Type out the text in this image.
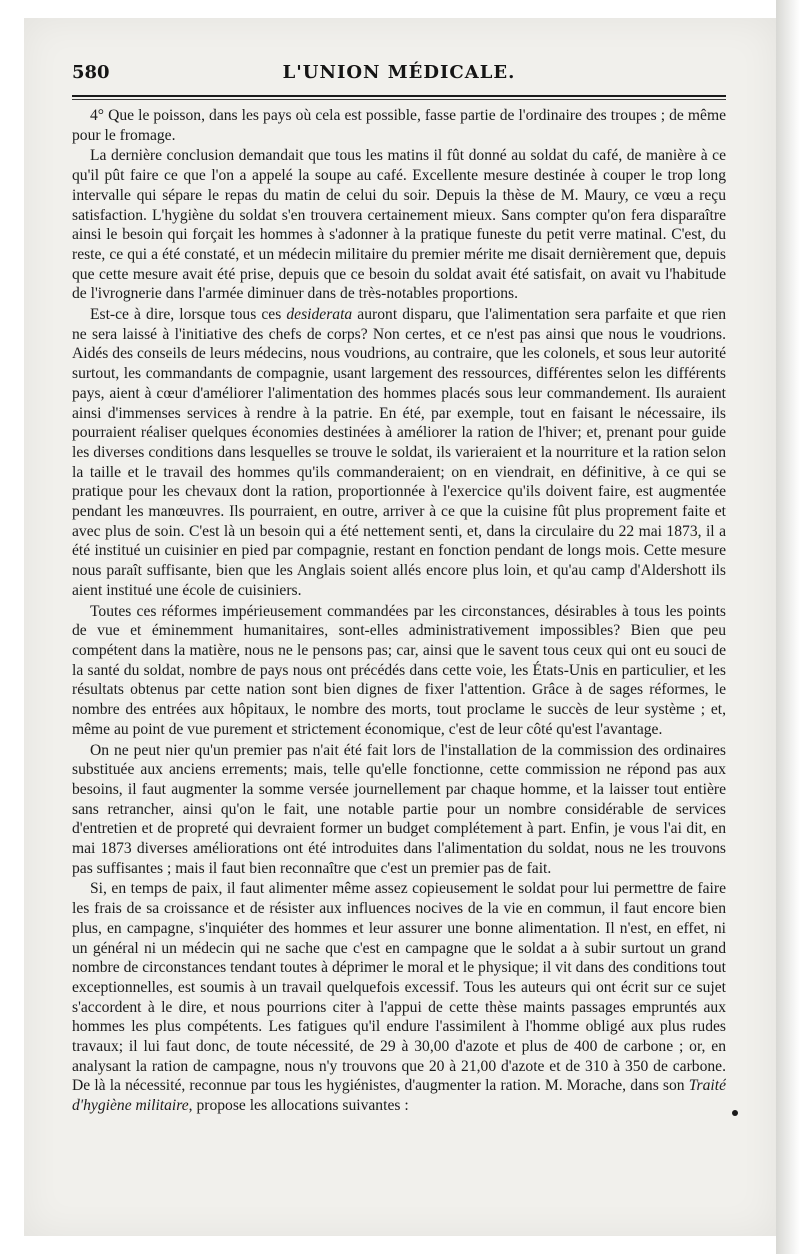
580	L'UNION MÉDICALE.

4° Que le poisson, dans les pays où cela est possible, fasse partie de l'ordinaire des troupes ; de même pour le fromage.

La dernière conclusion demandait que tous les matins il fût donné au soldat du café, de manière à ce qu'il pût faire ce que l'on a appelé la soupe au café. Excellente mesure destinée à couper le trop long intervalle qui sépare le repas du matin de celui du soir. Depuis la thèse de M. Maury, ce vœu a reçu satisfaction. L'hygiène du soldat s'en trouvera certainement mieux. Sans compter qu'on fera disparaître ainsi le besoin qui forçait les hommes à s'adonner à la pratique funeste du petit verre matinal. C'est, du reste, ce qui a été constaté, et un médecin militaire du premier mérite me disait dernièrement que, depuis que cette mesure avait été prise, depuis que ce besoin du soldat avait été satisfait, on avait vu l'habitude de l'ivrognerie dans l'armée diminuer dans de très-notables proportions.

Est-ce à dire, lorsque tous ces desiderata auront disparu, que l'alimentation sera parfaite et que rien ne sera laissé à l'initiative des chefs de corps? Non certes, et ce n'est pas ainsi que nous le voudrions. Aidés des conseils de leurs médecins, nous voudrions, au contraire, que les colonels, et sous leur autorité surtout, les commandants de compagnie, usant largement des ressources, différentes selon les différents pays, aient à cœur d'améliorer l'alimentation des hommes placés sous leur commandement. Ils auraient ainsi d'immenses services à rendre à la patrie. En été, par exemple, tout en faisant le nécessaire, ils pourraient réaliser quelques économies destinées à améliorer la ration de l'hiver; et, prenant pour guide les diverses conditions dans lesquelles se trouve le soldat, ils varieraient et la nourriture et la ration selon la taille et le travail des hommes qu'ils commanderaient; on en viendrait, en définitive, à ce qui se pratique pour les chevaux dont la ration, proportionnée à l'exercice qu'ils doivent faire, est augmentée pendant les manœuvres. Ils pourraient, en outre, arriver à ce que la cuisine fût plus proprement faite et avec plus de soin. C'est là un besoin qui a été nettement senti, et, dans la circulaire du 22 mai 1873, il a été institué un cuisinier en pied par compagnie, restant en fonction pendant de longs mois. Cette mesure nous paraît suffisante, bien que les Anglais soient allés encore plus loin, et qu'au camp d'Aldershott ils aient institué une école de cuisiniers.

Toutes ces réformes impérieusement commandées par les circonstances, désirables à tous les points de vue et éminemment humanitaires, sont-elles administrativement impossibles? Bien que peu compétent dans la matière, nous ne le pensons pas; car, ainsi que le savent tous ceux qui ont eu souci de la santé du soldat, nombre de pays nous ont précédés dans cette voie, les États-Unis en particulier, et les résultats obtenus par cette nation sont bien dignes de fixer l'attention. Grâce à de sages réformes, le nombre des entrées aux hôpitaux, le nombre des morts, tout proclame le succès de leur système ; et, même au point de vue purement et strictement économique, c'est de leur côté qu'est l'avantage.

On ne peut nier qu'un premier pas n'ait été fait lors de l'installation de la commission des ordinaires substituée aux anciens errements; mais, telle qu'elle fonctionne, cette commission ne répond pas aux besoins, il faut augmenter la somme versée journellement par chaque homme, et la laisser tout entière sans retrancher, ainsi qu'on le fait, une notable partie pour un nombre considérable de services d'entretien et de propreté qui devraient former un budget complétement à part. Enfin, je vous l'ai dit, en mai 1873 diverses améliorations ont été introduites dans l'alimentation du soldat, nous ne les trouvons pas suffisantes ; mais il faut bien reconnaître que c'est un premier pas de fait.

Si, en temps de paix, il faut alimenter même assez copieusement le soldat pour lui permettre de faire les frais de sa croissance et de résister aux influences nocives de la vie en commun, il faut encore bien plus, en campagne, s'inquiéter des hommes et leur assurer une bonne alimentation. Il n'est, en effet, ni un général ni un médecin qui ne sache que c'est en campagne que le soldat a à subir surtout un grand nombre de circonstances tendant toutes à déprimer le moral et le physique; il vit dans des conditions tout exceptionnelles, est soumis à un travail quelquefois excessif. Tous les auteurs qui ont écrit sur ce sujet s'accordent à le dire, et nous pourrions citer à l'appui de cette thèse maints passages empruntés aux hommes les plus compétents. Les fatigues qu'il endure l'assimilent à l'homme obligé aux plus rudes travaux; il lui faut donc, de toute nécessité, de 29 à 30,00 d'azote et plus de 400 de carbone ; or, en analysant la ration de campagne, nous n'y trouvons que 20 à 21,00 d'azote et de 310 à 350 de carbone. De là la nécessité, reconnue par tous les hygiénistes, d'augmenter la ration. M. Morache, dans son Traité d'hygiène militaire, propose les allocations suivantes :
